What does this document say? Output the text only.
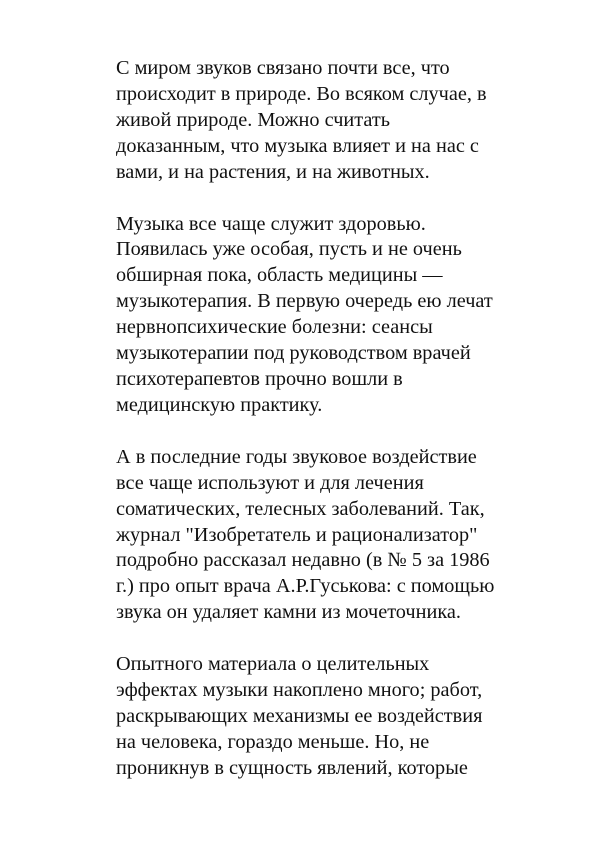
С миром звуков связано почти все, что
происходит в природе. Во всяком случае, в
живой природе. Можно считать
доказанным, что музыка влияет и на нас с
вами, и на растения, и на животных.

Музыка все чаще служит здоровью.
Появилась уже особая, пусть и не очень
обширная пока, область медицины —
музыкотерапия. В первую очередь ею лечат
нервнопсихические болезни: сеансы
музыкотерапии под руководством врачей
психотерапевтов прочно вошли в
медицинскую практику.

А в последние годы звуковое воздействие
все чаще используют и для лечения
соматических, телесных заболеваний. Так,
журнал "Изобретатель и рационализатор"
подробно рассказал недавно (в № 5 за 1986
г.) про опыт врача А.Р.Гуськова: с помощью
звука он удаляет камни из мочеточника.

Опытного материала о целительных
эффектах музыки накоплено много; работ,
раскрывающих механизмы ее воздействия
на человека, гораздо меньше. Но, не
проникнув в сущность явлений, которые
